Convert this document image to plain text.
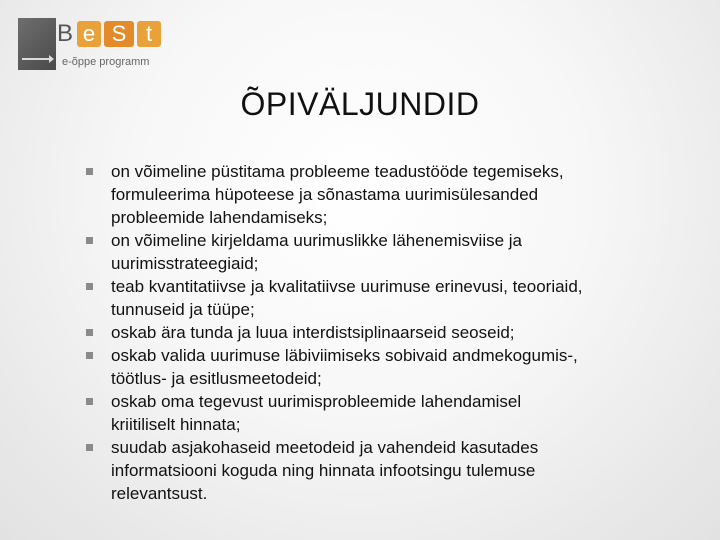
B e S t
e-õppe programm
ÕPIVÄLJUNDID
on võimeline püstitama probleeme teadustööde tegemiseks, formuleerima hüpoteese ja sõnastama uurimisülesanded probleemide lahendamiseks;
on võimeline kirjeldama uurimuslikke lähenemisviise ja uurimisstrateegiaid;
teab kvantitatiivse ja kvalitatiivse uurimuse erinevusi, teooriaid, tunnuseid ja tüüpe;
oskab ära tunda ja luua interdistsiplinaarseid seoseid;
oskab valida uurimuse läbiviimiseks sobivaid andmekogumis-, töötlus- ja esitlusmeetodeid;
oskab oma tegevust uurimisprobleemide lahendamisel kriitiliselt hinnata;
suudab asjakohaseid meetodeid ja vahendeid kasutades informatsiooni koguda ning hinnata infootsingu tulemuse relevantsust.
